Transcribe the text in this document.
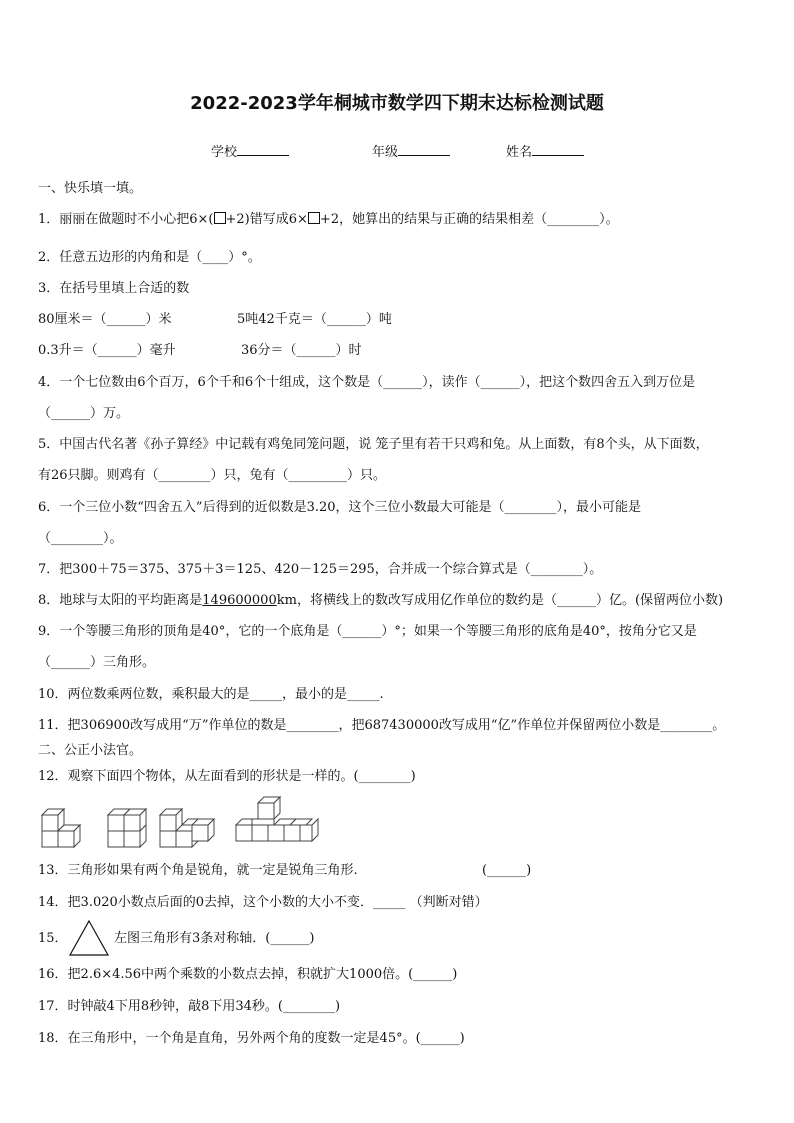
2022-2023学年桐城市数学四下期末达标检测试题
学校	年级	姓名
一、快乐填一填。
1．丽丽在做题时不小心把6×( +2)错写成6× +2，她算出的结果与正确的结果相差（________）。
2．任意五边形的内角和是（____）°。
3．在括号里填上合适的数
80厘米＝（______）米	5吨42千克＝（______）吨
0.3升＝（______）毫升	36分＝（______）时
4．一个七位数由6个百万，6个千和6个十组成，这个数是（______），读作（______），把这个数四舍五入到万位是
（______）万。
5．中国古代名著《孙子算经》中记载有鸡兔同笼问题，说 笼子里有若干只鸡和兔。从上面数，有8个头，从下面数，
有26只脚。则鸡有（________）只，兔有（_________）只。
6．一个三位小数“四舍五入”后得到的近似数是3.20，这个三位小数最大可能是（________），最小可能是
（________）。
7．把300＋75＝375、375＋3＝125、420－125＝295，合并成一个综合算式是（________）。
8．地球与太阳的平均距离是149600000km，将横线上的数改写成用亿作单位的数约是（______）亿。(保留两位小数)
9．一个等腰三角形的顶角是40°，它的一个底角是（______）°；如果一个等腰三角形的底角是40°，按角分它又是
（______）三角形。
10．两位数乘两位数，乘积最大的是_____，最小的是_____.
11．把306900改写成用“万”作单位的数是________，把687430000改写成用“亿”作单位并保留两位小数是________。
二、公正小法官。
12．观察下面四个物体，从左面看到的形状是一样的。(________)
13．三角形如果有两个角是锐角，就一定是锐角三角形.	(______)
14．把3.020小数点后面的0去掉，这个小数的大小不变．_____ （判断对错）
15．	左图三角形有3条对称轴．(______)
16．把2.6×4.56中两个乘数的小数点去掉，积就扩大1000倍。(______)
17．时钟敲4下用8秒钟，敲8下用34秒。(________)
18．在三角形中，一个角是直角，另外两个角的度数一定是45°。(______)
